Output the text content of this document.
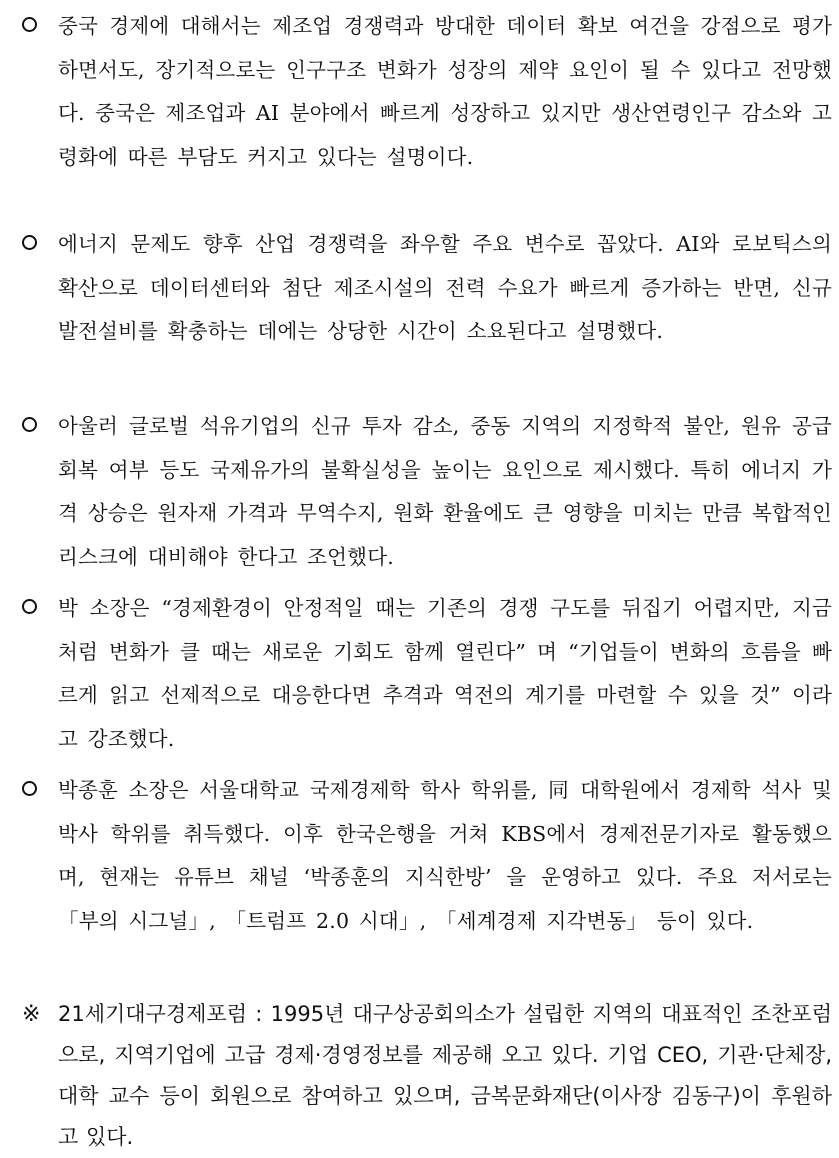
중국 경제에 대해서는 제조업 경쟁력과 방대한 데이터 확보 여건을 강점으로 평가하면서도, 장기적으로는 인구구조 변화가 성장의 제약 요인이 될 수 있다고 전망했다. 중국은 제조업과 AI 분야에서 빠르게 성장하고 있지만 생산연령인구 감소와 고령화에 따른 부담도 커지고 있다는 설명이다.
에너지 문제도 향후 산업 경쟁력을 좌우할 주요 변수로 꼽았다. AI와 로보틱스의 확산으로 데이터센터와 첨단 제조시설의 전력 수요가 빠르게 증가하는 반면, 신규 발전설비를 확충하는 데에는 상당한 시간이 소요된다고 설명했다.
아울러 글로벌 석유기업의 신규 투자 감소, 중동 지역의 지정학적 불안, 원유 공급 회복 여부 등도 국제유가의 불확실성을 높이는 요인으로 제시했다. 특히 에너지 가격 상승은 원자재 가격과 무역수지, 원화 환율에도 큰 영향을 미치는 만큼 복합적인 리스크에 대비해야 한다고 조언했다.
박 소장은 “경제환경이 안정적일 때는 기존의 경쟁 구도를 뒤집기 어렵지만, 지금처럼 변화가 클 때는 새로운 기회도 함께 열린다” 며 “기업들이 변화의 흐름을 빠르게 읽고 선제적으로 대응한다면 추격과 역전의 계기를 마련할 수 있을 것” 이라고 강조했다.
박종훈 소장은 서울대학교 국제경제학 학사 학위를, 同 대학원에서 경제학 석사 및 박사 학위를 취득했다. 이후 한국은행을 거쳐 KBS에서 경제전문기자로 활동했으며, 현재는 유튜브 채널 ‘박종훈의 지식한방’ 을 운영하고 있다. 주요 저서로는 「부의 시그널」, 「트럼프 2.0 시대」, 「세계경제 지각변동」 등이 있다.
※ 21세기대구경제포럼 : 1995년 대구상공회의소가 설립한 지역의 대표적인 조찬포럼으로, 지역기업에 고급 경제·경영정보를 제공해 오고 있다. 기업 CEO, 기관·단체장, 대학 교수 등이 회원으로 참여하고 있으며, 금복문화재단(이사장 김동구)이 후원하고 있다.
